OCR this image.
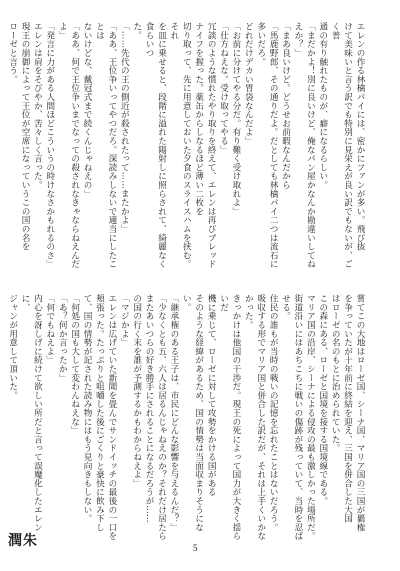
エレンの作る林檎パイには、密かにファンが多い。飛び抜
けて美味いと言う訳でも特別に見栄えが良い訳でもないが、ごく普
通の有り触れたものが、癖になるらしい。
「まだかよ！別に良いけど、俺なパン屋かなんか勘違いしてね
えか？」
「まあ良いけど。どうせお前暇なんだから
「馬鹿野郎、その通りだよ。だとしても林檎パイ二つは流石に多いだろ。
どれだけデカい胃袋なんだよ」
「お前に分けてやる分だ。有り難く受け取れよ」
「仕方ねえな。受け取ってやる」
冗談のような慣れたやり取りを終えて、エレンは再びブレッド
ナイフを握った。薬缶からしなるほど薄い二枚を
切り取って、先に用意しておいた夕食のスライスハムを挟む。それ
を皿に乗せると、段階に溢れた陽射しに照らされて、綺麗なく食らいつ
た。
「……先代の王の側近が殺されたって……またかよ」
「ああ、王位争いってやつだろ。深読みしないで適当にしたことは
ないけどな、戴冠式まで続くんじゃねえの」
「ああ、何で王位争いまでなっての殺されなきゃならねえんだ
よ」
「発言に力がある人間ほどこういうの時けなさかもれるのさ」
エレンは肩をそびやか、苦々しく言った。
現王の崩御によって王位が空席になっていうこの国の名を
ローゼと言う。
嘗てこの大地はローゼ国、シーナ国、マリア国の三国が覇権
を争っていたが十年前に終結を迎え、三国を併合した大国
はローゼの名のもとに治められていた。
この森にある、ローゼと国境を接する国境線である。
マリア国の沿岸、シーナによる侵攻の最も激しかった場所だ。
街道沿いにはあちこちに戦いの傷跡が残っていて、当時を忍ばせる。
住民の誰もが当時の戦いの記憶を忘れたことはないだろう。
吸収する形でマリア国と併合した訳だが、それは上手くいかなかった。
きっかけは他国の干渉だ。現王の死によって国力が大きく揺らいだ
機に乗じて、ローゼに対して攻勢をかける国がある
そのような経緯があるため、国の情勢は当面収まりそうにない。
「継承権のある王子は、市民にどんな影響を与えるんだ？」
「少なくとも五、六人は居るんじゃねえのか？それだけ居たら
またあいつらの好き勝手にされることになるだろうが……
の国の行く末を誰が予測するかもわからねえよ」
「マジかよ」
エレンは広げていた新聞を畳んでサンドイッチの最後の一口を
頬張った。たっぷりと咀嚼した後にごくりと豪快に飲み下し
て、国の情勢が記された読み物にはもう見向きもしない。
「何処の国も大して変わんねえな」
「あ？何か言ったか」
「何でもねえよ」
内心を訝しげに続けて欲しい所だと言って誤魔化したエレンに、
ジャンが用意して頂いた。
5
潤朱
